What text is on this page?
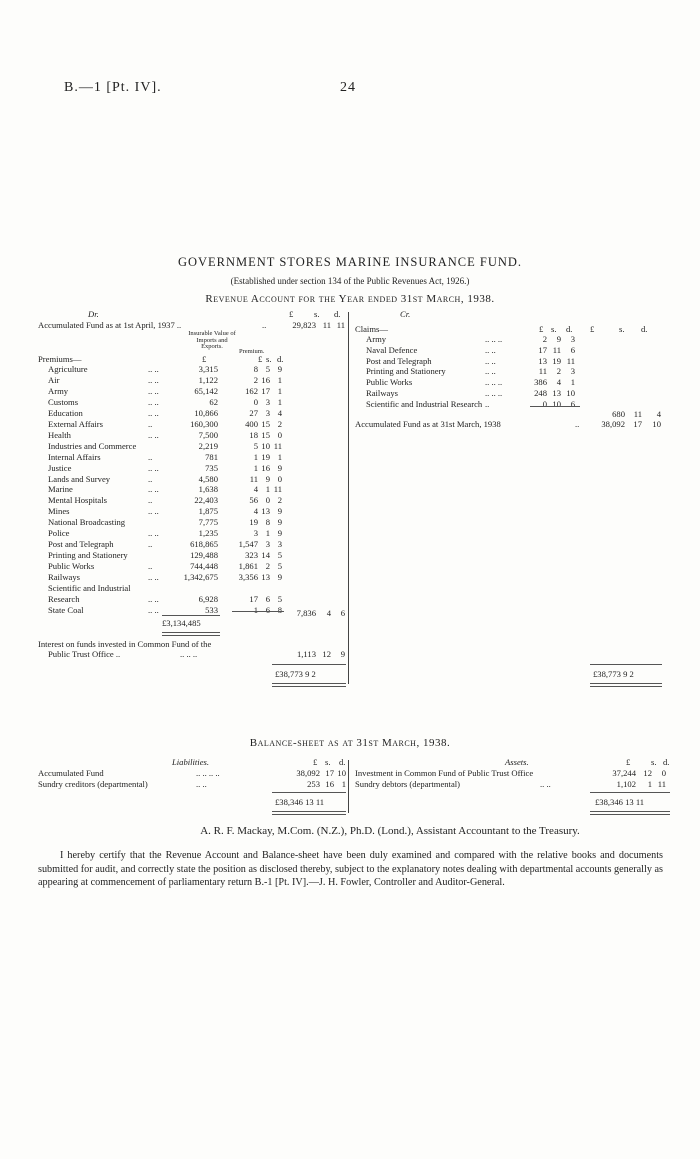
B.—1 [Pt. IV].	24
GOVERNMENT STORES MARINE INSURANCE FUND.
(Established under section 134 of the Public Revenues Act, 1926.)
Revenue Account for the Year ended 31st March, 1938.
Dr.	Cr.
£ s. d.
Accumulated Fund as at 1st April, 1937 ..	..	29,823 11 11
Insurable Value of Imports and Exports.
Premium.
£	£ s. d.
Premiums—
Agriculture	.. ..	3,315	8 5 9
Air	.. ..	1,122	2 16 1
Army	.. ..	65,142	162 17 1
Customs	.. ..	62	0 3 1
Education	.. ..	10,866	27 3 4
External Affairs	..	160,300	400 15 2
Health	.. ..	7,500	18 15 0
Industries and Commerce	2,219	5 10 11
Internal Affairs	..	781	1 19 1
Justice	.. ..	735	1 16 9
Lands and Survey	..	4,580	11 9 0
Marine	.. ..	1,638	4 1 11
Mental Hospitals	..	22,403	56 0 2
Mines	.. ..	1,875	4 13 9
National Broadcasting	7,775	19 8 9
Police	.. ..	1,235	3 1 9
Post and Telegraph	..	618,865	1,547 3 3
Printing and Stationery	129,488	323 14 5
Public Works	..	744,448	1,861 2 5
Railways	.. ..	1,342,675	3,356 13 9
Scientific and Industrial
Research	.. ..	6,928	17 6 5
State Coal	.. ..	533	1 6 8	7,836	4	6
£3,134,485
Interest on funds invested in Common Fund of the
Public Trust Office ..	.. .. ..	1,113 12	9
£38,773 9 2
£	s. d.
Claims—	£ s. d.
Army	.. .. ..	2	9	3
Naval Defence	.. ..	17 11	6
Post and Telegraph	.. ..	13 19 11
Printing and Stationery	.. ..	11	2	3
Public Works	.. .. ..	386	4	1
Railways	.. .. ..	248 13 10
Scientific and Industrial Research ..	0 10	6
680	11	4
Accumulated Fund as at 31st March, 1938	..	38,092 17	10
£38,773 9 2
Balance-sheet as at 31st March, 1938.
Liabilities.	Assets.
£ s. d.	£ s. d.
Accumulated Fund	.. .. .. ..	38,092 17 10
Sundry creditors (departmental)	.. ..	253 16 1
Investment in Common Fund of Public Trust Office	37,244 12	0
Sundry debtors (departmental)	.. ..	1,102	1 11
£38,346 13 11	£38,346 13 11
A. R. F. Mackay, M.Com. (N.Z.), Ph.D. (Lond.), Assistant Accountant to the Treasury.
I hereby certify that the Revenue Account and Balance-sheet have been duly examined and compared with the relative books and documents submitted for audit, and correctly state the position as disclosed thereby, subject to the explanatory notes dealing with departmental accounts generally as appearing at commencement of parliamentary return B.-1 [Pt. IV].—J. H. Fowler, Controller and Auditor-General.
